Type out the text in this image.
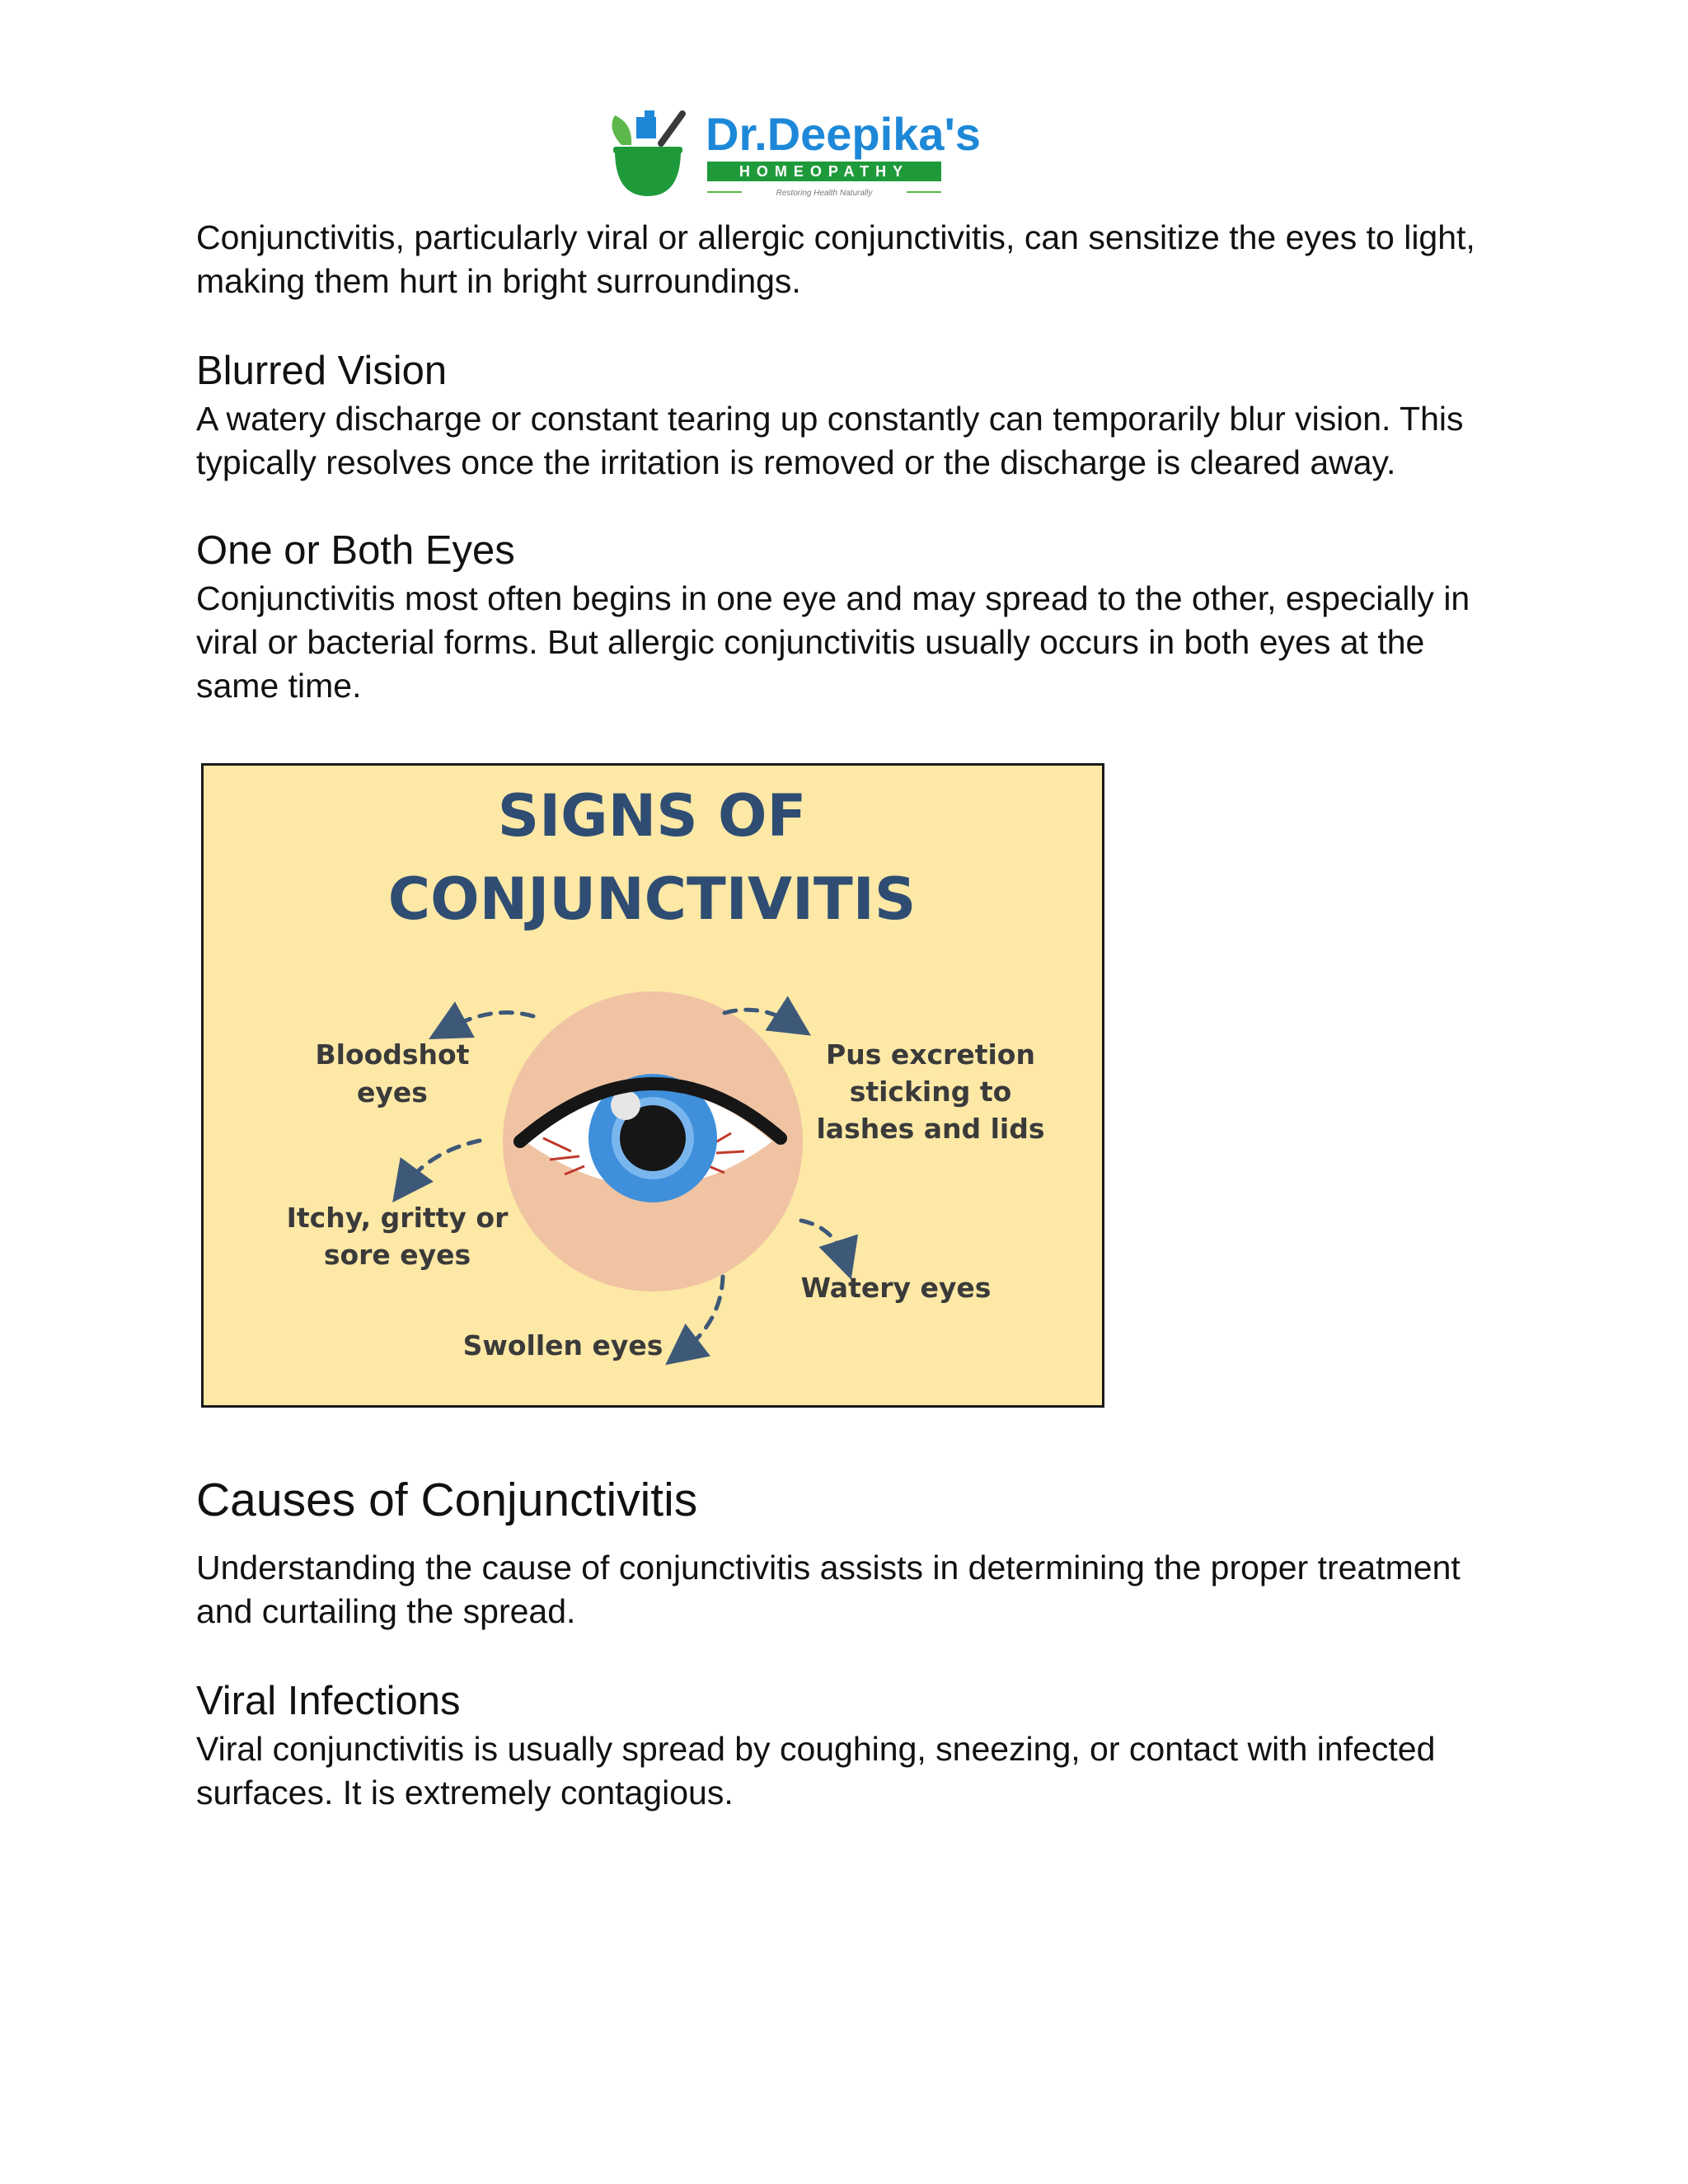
Dr.Deepika's
HOMEOPATHY
Restoring Health Naturally

Conjunctivitis, particularly viral or allergic conjunctivitis, can sensitize the eyes to light,
making them hurt in bright surroundings.

Blurred Vision

A watery discharge or constant tearing up constantly can temporarily blur vision. This
typically resolves once the irritation is removed or the discharge is cleared away.

One or Both Eyes

Conjunctivitis most often begins in one eye and may spread to the other, especially in
viral or bacterial forms. But allergic conjunctivitis usually occurs in both eyes at the
same time.

SIGNS OF
CONJUNCTIVITIS
Bloodshot
eyes
Itchy, gritty or
sore eyes
Swollen eyes
Pus excretion
sticking to
lashes and lids
Watery eyes
Causes of Conjunctivitis

Understanding the cause of conjunctivitis assists in determining the proper treatment
and curtailing the spread.

Viral Infections

Viral conjunctivitis is usually spread by coughing, sneezing, or contact with infected
surfaces. It is extremely contagious.
